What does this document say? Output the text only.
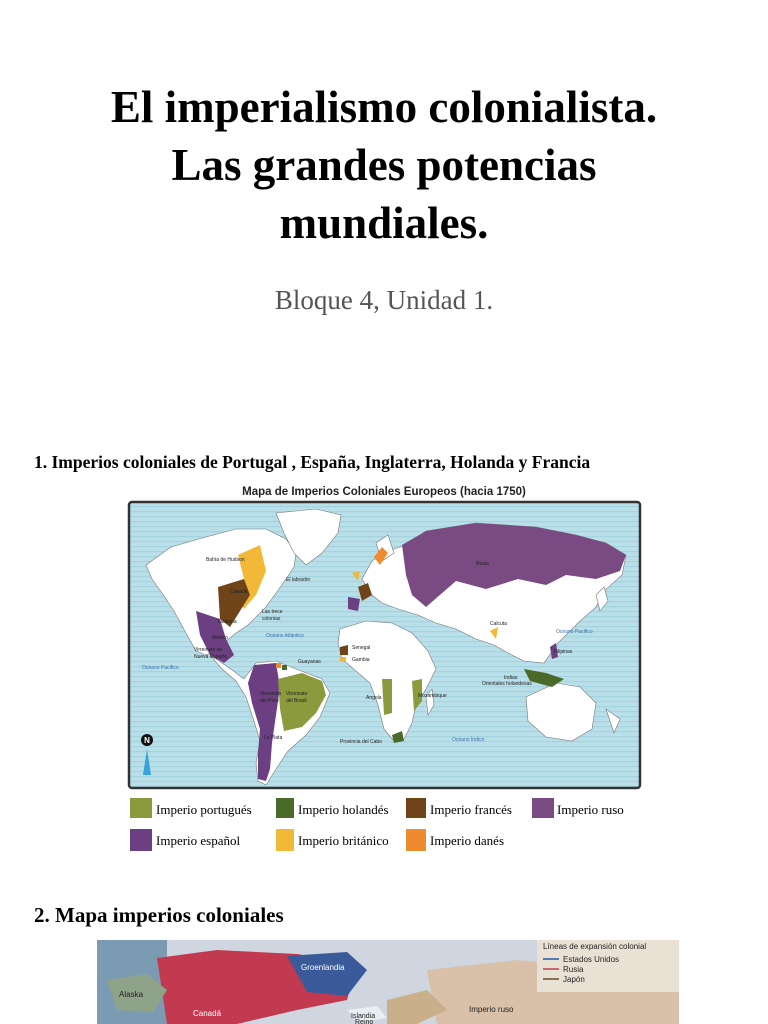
El imperialismo colonialista.
Las grandes potencias
mundiales.
Bloque 4, Unidad 1.
1. Imperios coloniales de Portugal , España, Inglaterra, Holanda y Francia
Mapa de Imperios Coloniales Europeos (hacia 1750)
Bahía de Hudson
Canadá
El labrador
Luisiana
Las trece
colonias
México
Virreinato de
Nueva España
Océano Atlántico
Océano Pacífico
Guayanas
Virreinato
del Perú
Virreinato
del Brasil
La Plata
Senegal
Gambia
Angola	Mozambique
Provincia del Cabo
Rusia
Calcuta
Océano Pacífico
Filipinas
Indias
Orientales holandesas
Océano Índico
N
Imperio portugués	Imperio holandés	Imperio francés	Imperio ruso
Imperio español	Imperio británico	Imperio danés
2. Mapa imperios coloniales
Líneas de expansión colonial
Estados Unidos
Rusia
Japón
Alaska
Groenlandia
Canadá	Islandia
Imperio ruso
Reino
